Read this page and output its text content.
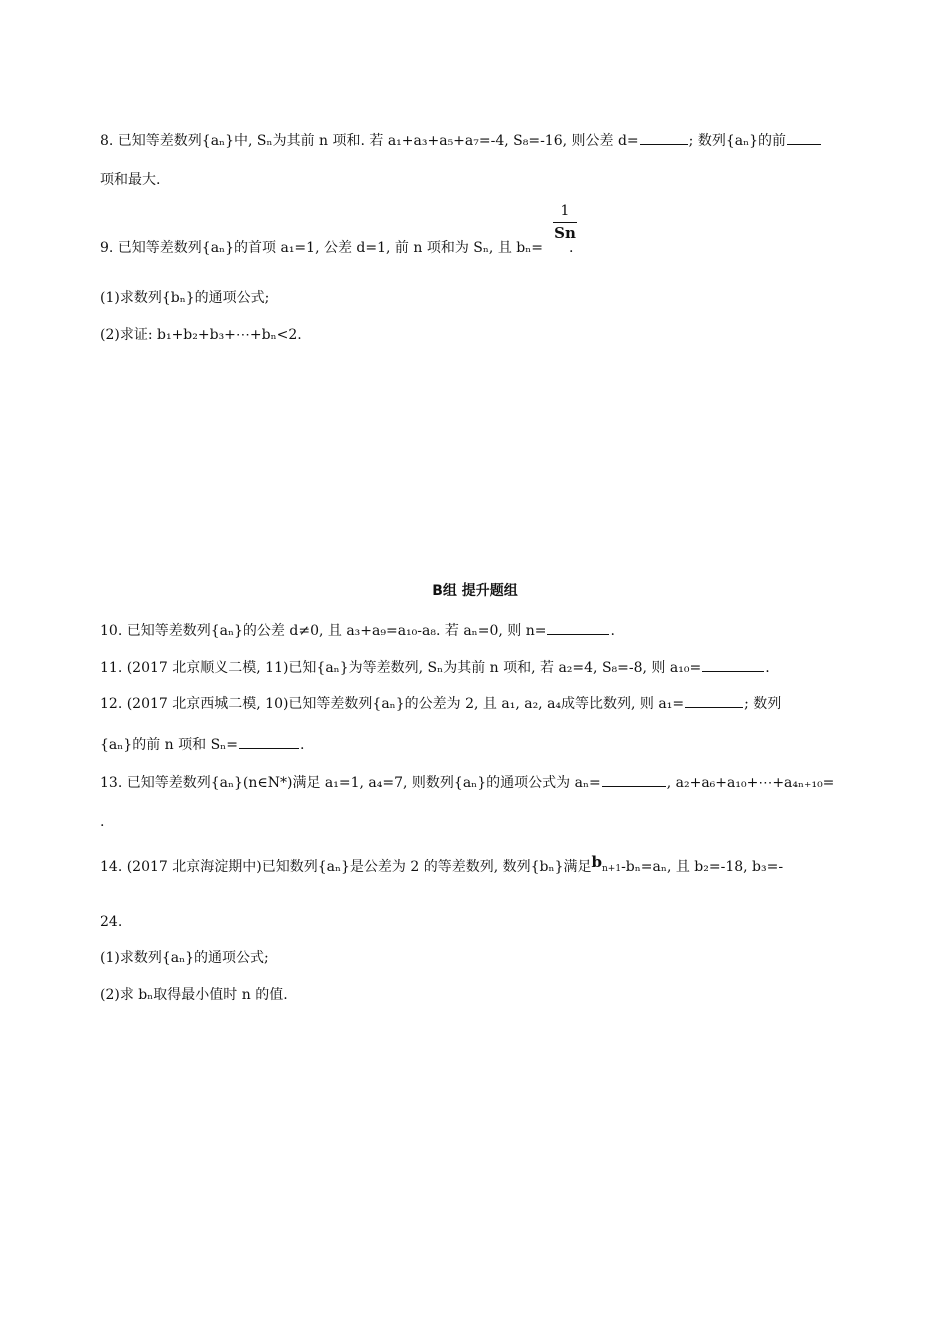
8. 已知等差数列{aₙ}中, Sₙ为其前 n 项和. 若 a₁+a₃+a₅+a₇=-4, S₈=-16, 则公差 d=	; 数列{aₙ}的前
项和最大.
1
Sn
9. 已知等差数列{aₙ}的首项 a₁=1, 公差 d=1, 前 n 项和为 Sₙ, 且 bₙ= .
(1)求数列{bₙ}的通项公式;
(2)求证: b₁+b₂+b₃+⋯+bₙ<2.
B组 提升题组
10. 已知等差数列{aₙ}的公差 d≠0, 且 a₃+a₉=a₁₀-a₈. 若 aₙ=0, 则 n=	.
11. (2017 北京顺义二模, 11)已知{aₙ}为等差数列, Sₙ为其前 n 项和, 若 a₂=4, S₈=-8, 则 a₁₀=	.
12. (2017 北京西城二模, 10)已知等差数列{aₙ}的公差为 2, 且 a₁, a₂, a₄成等比数列, 则 a₁=	; 数列
{aₙ}的前 n 项和 Sₙ=	.
13. 已知等差数列{aₙ}(n∈N*)满足 a₁=1, a₄=7, 则数列{aₙ}的通项公式为 aₙ=	, a₂+a₆+a₁₀+⋯+a₄ₙ₊₁₀=
.
14. (2017 北京海淀期中)已知数列{aₙ}是公差为 2 的等差数列, 数列{bₙ}满足bn+1-bₙ=aₙ, 且 b₂=-18, b₃=-
24.
(1)求数列{aₙ}的通项公式;
(2)求 bₙ取得最小值时 n 的值.
